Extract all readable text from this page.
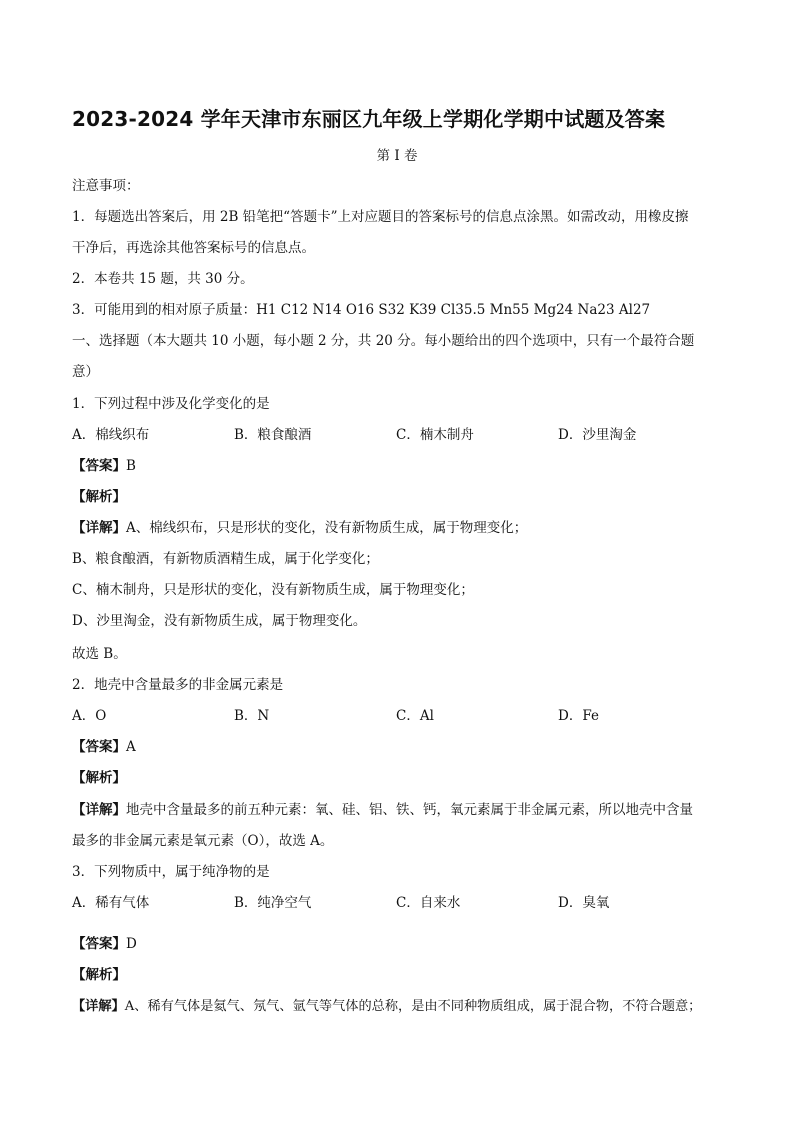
2023-2024 学年天津市东丽区九年级上学期化学期中试题及答案
第 I 卷
注意事项：
1．每题选出答案后，用 2B 铅笔把“答题卡”上对应题目的答案标号的信息点涂黑。如需改动，用橡皮擦
干净后，再选涂其他答案标号的信息点。
2．本卷共 15 题，共 30 分。
3．可能用到的相对原子质量：H1 C12 N14 O16 S32 K39 Cl35.5 Mn55 Mg24 Na23 Al27
一、选择题（本大题共 10 小题，每小题 2 分，共 20 分。每小题给出的四个选项中，只有一个最符合题
意）
1．下列过程中涉及化学变化的是
A．棉线织布	B．粮食酿酒	C．楠木制舟	D．沙里淘金
【答案】B
【解析】
【详解】A、棉线织布，只是形状的变化，没有新物质生成，属于物理变化；
B、粮食酿酒，有新物质酒精生成，属于化学变化；
C、楠木制舟，只是形状的变化，没有新物质生成，属于物理变化；
D、沙里淘金，没有新物质生成，属于物理变化。
故选 B。
2．地壳中含量最多的非金属元素是
A．O	B．N	C．Al	D．Fe
【答案】A
【解析】
【详解】地壳中含量最多的前五种元素：氧、硅、铝、铁、钙，氧元素属于非金属元素，所以地壳中含量
最多的非金属元素是氧元素（O），故选 A。
3．下列物质中，属于纯净物的是
A．稀有气体	B．纯净空气	C．自来水	D．臭氧
【答案】D
【解析】
【详解】A、稀有气体是氦气、氖气、氩气等气体的总称，是由不同种物质组成，属于混合物，不符合题意；
